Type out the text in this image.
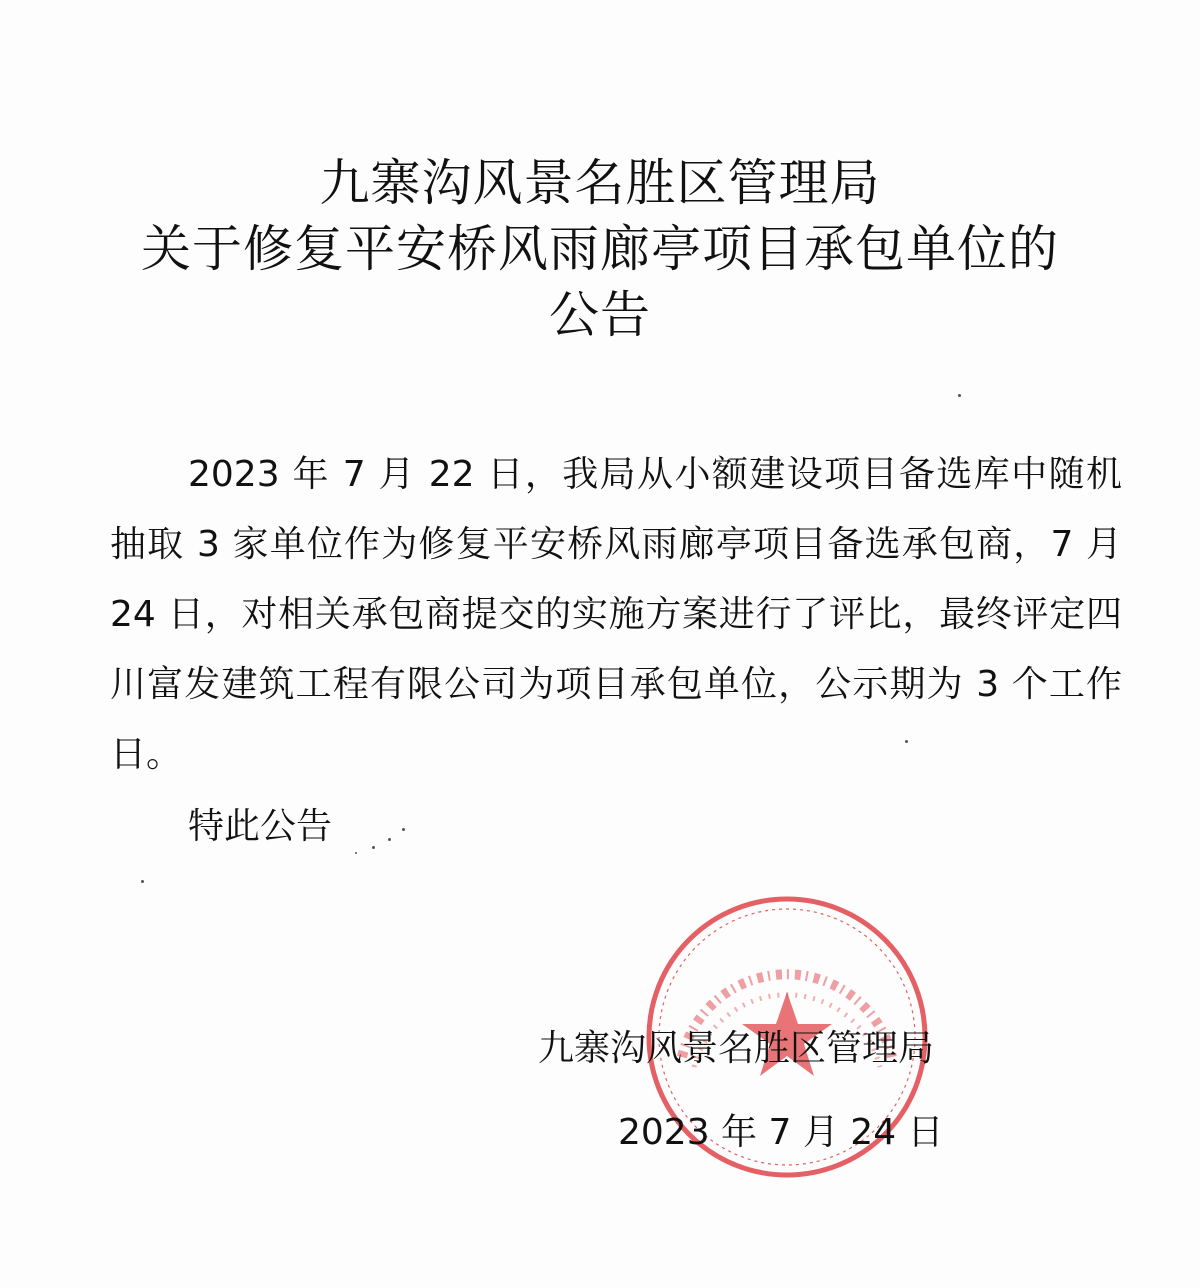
九寨沟风景名胜区管理局
关于修复平安桥风雨廊亭项目承包单位的
公告
2023 年 7 月 22 日，我局从小额建设项目备选库中随机抽取 3 家单位作为修复平安桥风雨廊亭项目备选承包商，7 月 24 日，对相关承包商提交的实施方案进行了评比，最终评定四川富发建筑工程有限公司为项目承包单位，公示期为 3 个工作日。
特此公告
九寨沟风景名胜区管理局
2023 年 7 月 24 日
